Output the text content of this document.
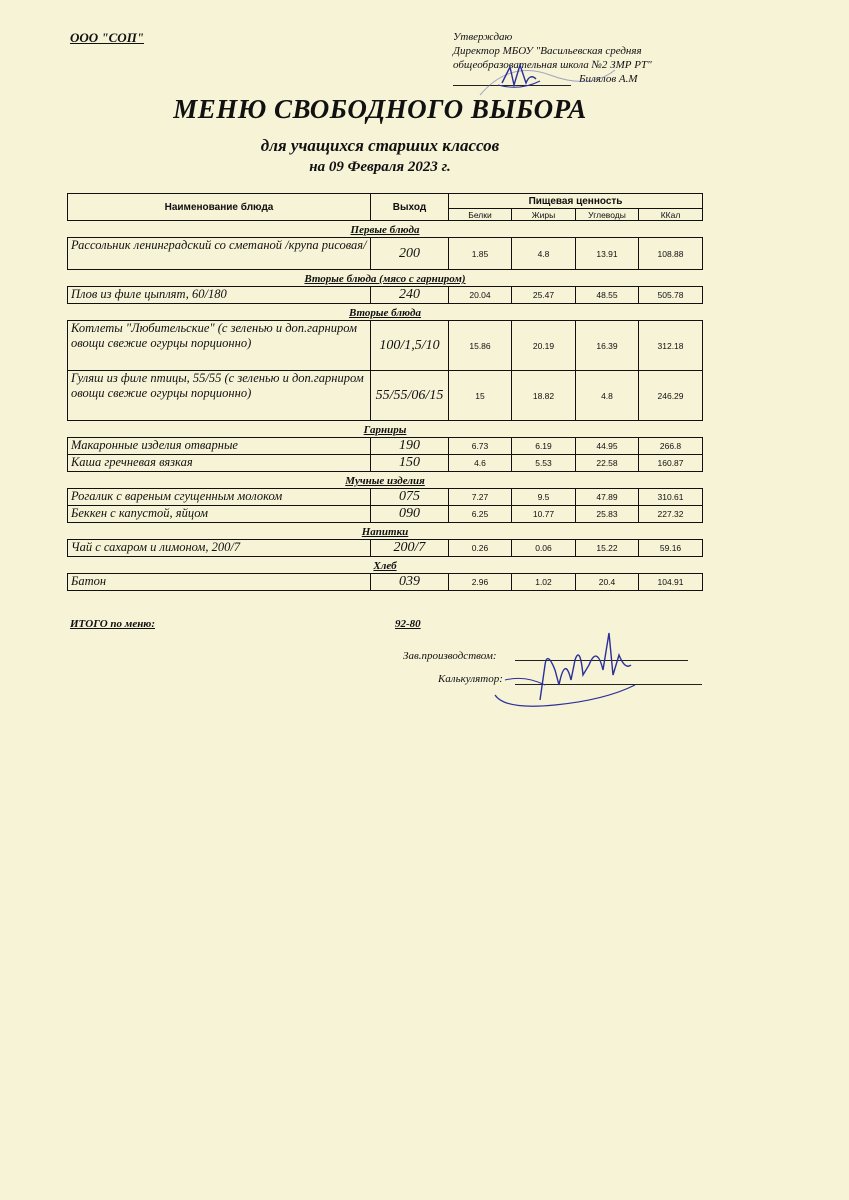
ООО "СОП"	Утверждаю
Директор МБОУ "Васильевская средняя
общеобразовательная школа №2 ЗМР РТ"
Билялов А.М
МЕНЮ СВОБОДНОГО ВЫБОРА
для учащихся старших классов
на 09 Февраля 2023 г.
Наименование блюда	Выход	Пищевая ценность			
		Белки	Жиры	Углеводы	ККал
Первые блюда					
Рассольник ленинградский со сметаной /крупа рисовая/	200	1.85	4.8	13.91	108.88
Вторые блюда (мясо с гарниром)					
Плов из филе цыплят, 60/180	240	20.04	25.47	48.55	505.78
Вторые блюда					
Котлеты "Любительские" (с зеленью и доп.гарниром овощи свежие огурцы порционно)	100/1,5/10	15.86	20.19	16.39	312.18
Гуляш из филе птицы, 55/55 (с зеленью и доп.гарниром овощи свежие огурцы порционно)	55/55/06/15	15	18.82	4.8	246.29
Гарниры					
Макаронные изделия отварные	190	6.73	6.19	44.95	266.8
Каша гречневая вязкая	150	4.6	5.53	22.58	160.87
Мучные изделия					
Рогалик с вареным сгущенным молоком	075	7.27	9.5	47.89	310.61
Беккен с капустой, яйцом	090	6.25	10.77	25.83	227.32
Напитки					
Чай с сахаром и лимоном, 200/7	200/7	0.26	0.06	15.22	59.16
Хлеб					
Батон	039	2.96	1.02	20.4	104.91
ИТОГО по меню:	92-80
Зав.производством:
Калькулятор:
